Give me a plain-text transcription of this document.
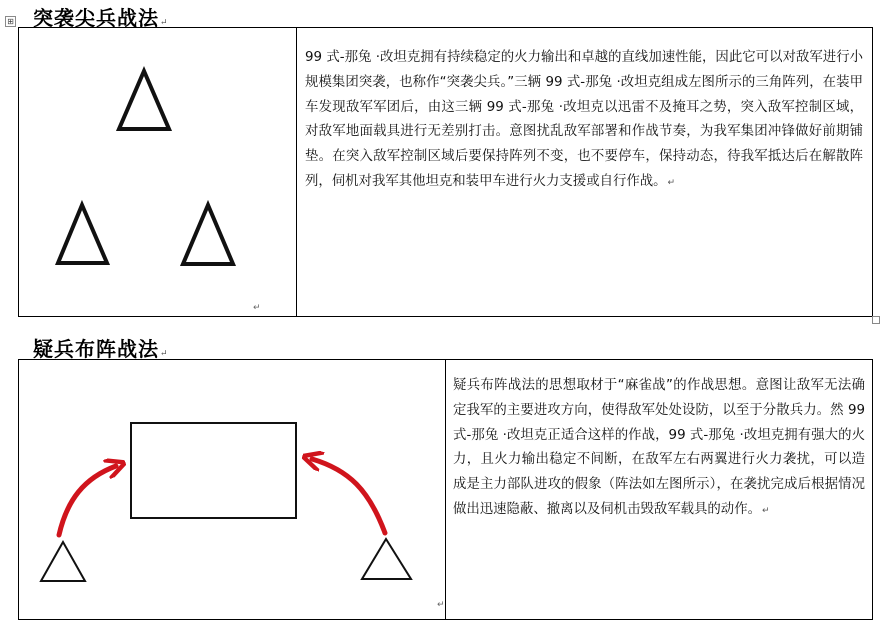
⊞ 突袭尖兵战法↵
↵
99 式-那兔 ·改坦克拥有持续稳定的火力输出和卓越的直线加速性能，因此它可以对敌军进行小规模集团突袭，也称作“突袭尖兵。”三辆 99 式-那兔 ·改坦克组成左图所示的三角阵列，在装甲车发现敌军军团后，由这三辆 99 式-那兔 ·改坦克以迅雷不及掩耳之势，突入敌军控制区域，对敌军地面载具进行无差别打击。意图扰乱敌军部署和作战节奏，为我军集团冲锋做好前期铺垫。在突入敌军控制区域后要保持阵列不变，也不要停车，保持动态，待我军抵达后在解散阵列，伺机对我军其他坦克和装甲车进行火力支援或自行作战。↵
疑兵布阵战法↵
↵
疑兵布阵战法的思想取材于“麻雀战”的作战思想。意图让敌军无法确定我军的主要进攻方向，使得敌军处处设防，以至于分散兵力。然 99 式-那兔 ·改坦克正适合这样的作战，99 式-那兔 ·改坦克拥有强大的火力，且火力输出稳定不间断，在敌军左右两翼进行火力袭扰，可以造成是主力部队进攻的假象（阵法如左图所示），在袭扰完成后根据情况做出迅速隐蔽、撤离以及伺机击毁敌军载具的动作。↵
